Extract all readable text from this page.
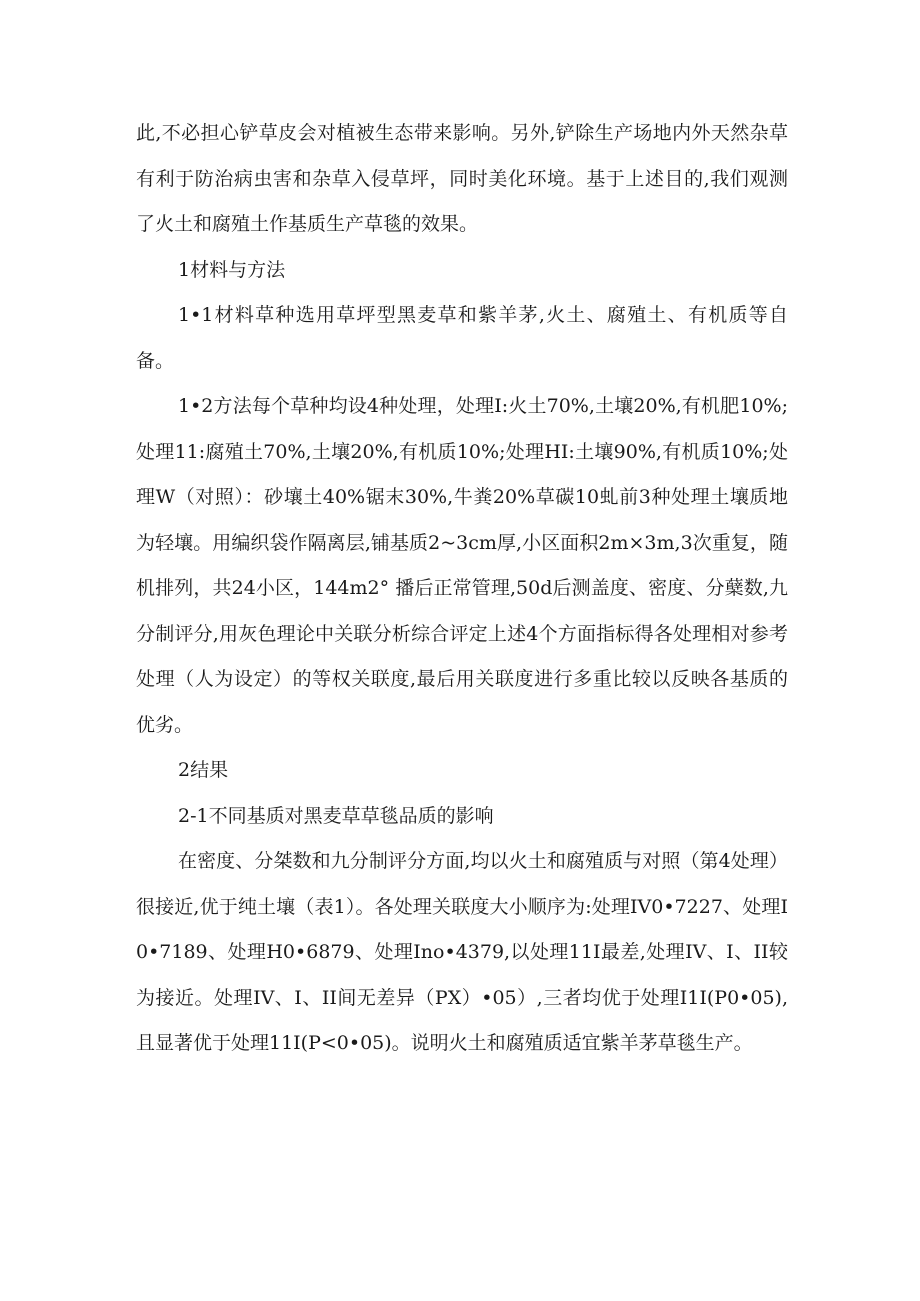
此,不必担心铲草皮会对植被生态带来影响。另外,铲除生产场地内外天然杂草有利于防治病虫害和杂草入侵草坪，同时美化环境。基于上述目的,我们观测了火土和腐殖土作基质生产草毯的效果。

1材料与方法

1•1材料草种选用草坪型黑麦草和紫羊茅,火土、腐殖土、有机质等自备。

1•2方法每个草种均设4种处理，处理I:火土70%,土壤20%,有机肥10%;处理11:腐殖土70%,土壤20%,有机质10%;处理HI:土壤90%,有机质10%;处理W（对照）：砂壤土40%锯末30%,牛粪20%草碳10虬前3种处理土壤质地为轻壤。用编织袋作隔离层,铺基质2~3cm厚,小区面积2m×3m,3次重复，随机排列，共24小区，144m2° 播后正常管理,50d后测盖度、密度、分蘖数,九分制评分,用灰色理论中关联分析综合评定上述4个方面指标得各处理相对参考处理（人为设定）的等权关联度,最后用关联度进行多重比较以反映各基质的优劣。

2结果

2-1不同基质对黑麦草草毯品质的影响

在密度、分桀数和九分制评分方面,均以火土和腐殖质与对照（第4处理）很接近,优于纯土壤（表1）。各处理关联度大小顺序为:处理IV0•7227、处理I0•7189、处理H0•6879、处理Ino•4379,以处理11I最差,处理IV、I、II较为接近。处理IV、I、II间无差异（PX）•05）,三者均优于处理I1I(P0•05),且显著优于处理11I(P<0•05)。说明火土和腐殖质适宜紫羊茅草毯生产。
